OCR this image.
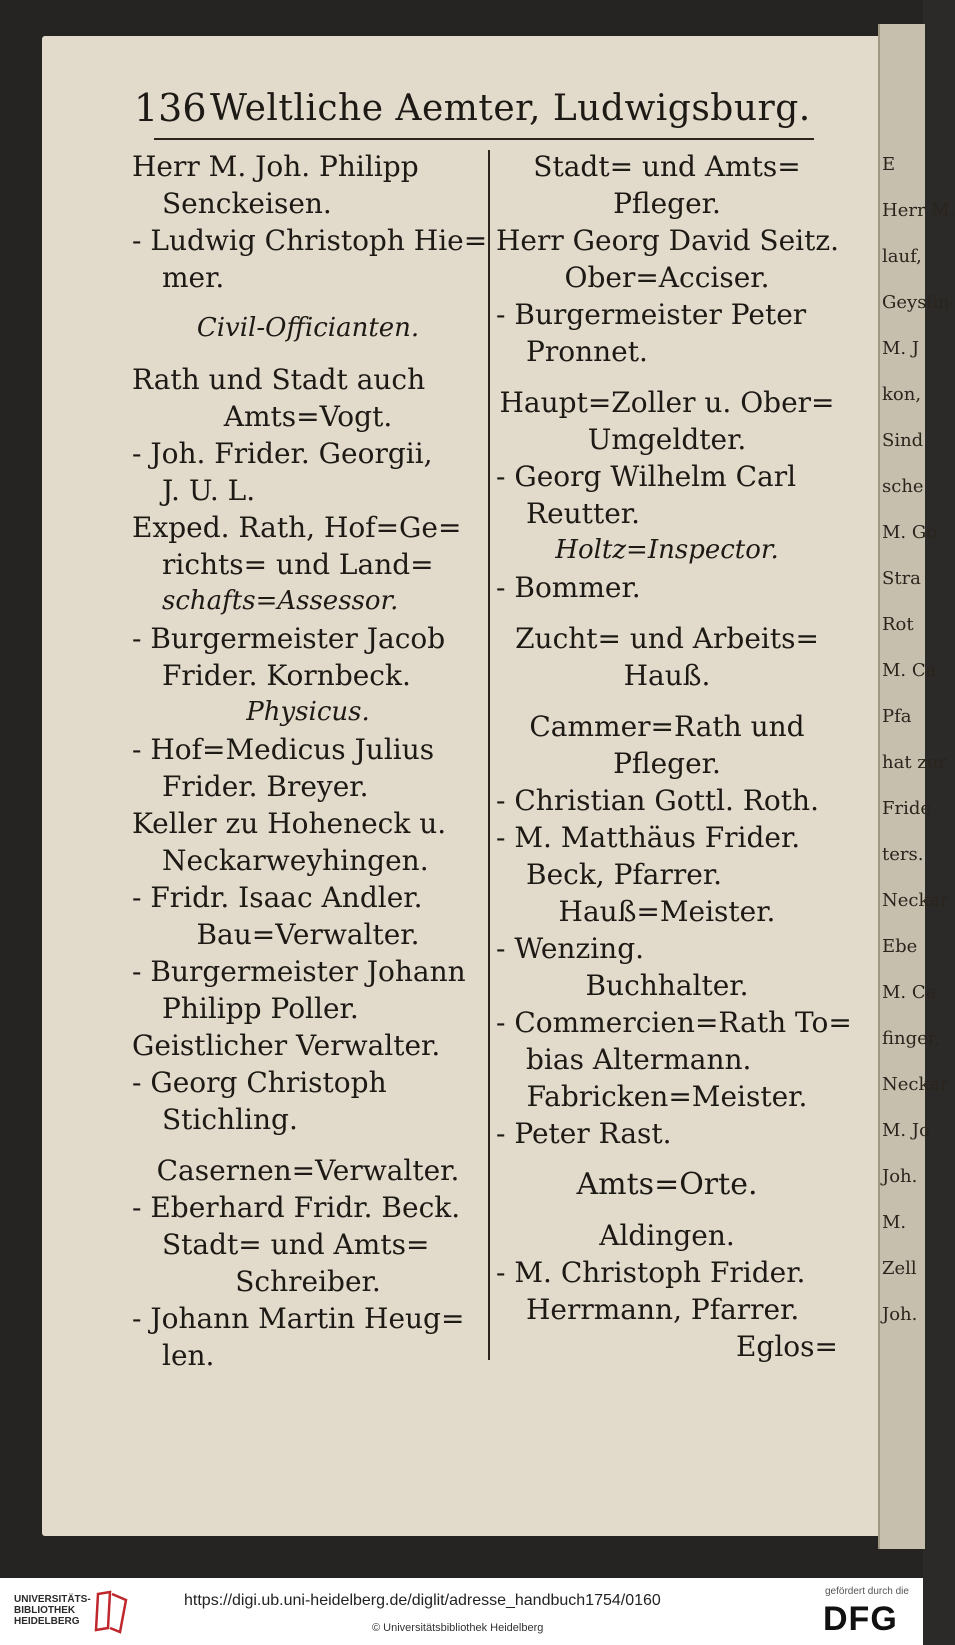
E
Herr M.
lauf,
Geyslin
M. J
kon,
Sind
sche
M. Go
Stra
Rot
M. Ca
Pfa
hat zur
Fride
ters.
Neckar
Ebe
M. Ca
finger,
Neckar
M. Jo
Joh.
M.
Zell
Joh.
136 Weltliche Aemter, Ludwigsburg.
Herr M. Joh. Philipp
Senckeisen.
- Ludwig Christoph Hie=
mer.
Civil-Officianten.
Rath und Stadt auch
Amts=Vogt.
- Joh. Frider. Georgii,
J. U. L.
Exped. Rath, Hof=Ge=
richts= und Land=
schafts=Assessor.
- Burgermeister Jacob
Frider. Kornbeck.
Physicus.
- Hof=Medicus Julius
Frider. Breyer.
Keller zu Hoheneck u.
Neckarweyhingen.
- Fridr. Isaac Andler.
Bau=Verwalter.
- Burgermeister Johann
Philipp Poller.
Geistlicher Verwalter.
- Georg Christoph
Stichling.
Casernen=Verwalter.
- Eberhard Fridr. Beck.
Stadt= und Amts=
Schreiber.
- Johann Martin Heug=
len.
Stadt= und Amts=
Pfleger.
Herr Georg David Seitz.
Ober=Acciser.
- Burgermeister Peter
Pronnet.
Haupt=Zoller u. Ober=
Umgeldter.
- Georg Wilhelm Carl
Reutter.
Holtz=Inspector.
- Bommer.
Zucht= und Arbeits=
Hauß.
Cammer=Rath und
Pfleger.
- Christian Gottl. Roth.
- M. Matthäus Frider.
Beck, Pfarrer.
Hauß=Meister.
- Wenzing.
Buchhalter.
- Commercien=Rath To=
bias Altermann.
Fabricken=Meister.
- Peter Rast.
Amts=Orte.
Aldingen.
- M. Christoph Frider.
Herrmann, Pfarrer.
Eglos=
UNIVERSITÄTS-
BIBLIOTHEK
HEIDELBERG
https://digi.ub.uni-heidelberg.de/diglit/adresse_handbuch1754/0160
© Universitätsbibliothek Heidelberg
gefördert durch die
DFG
